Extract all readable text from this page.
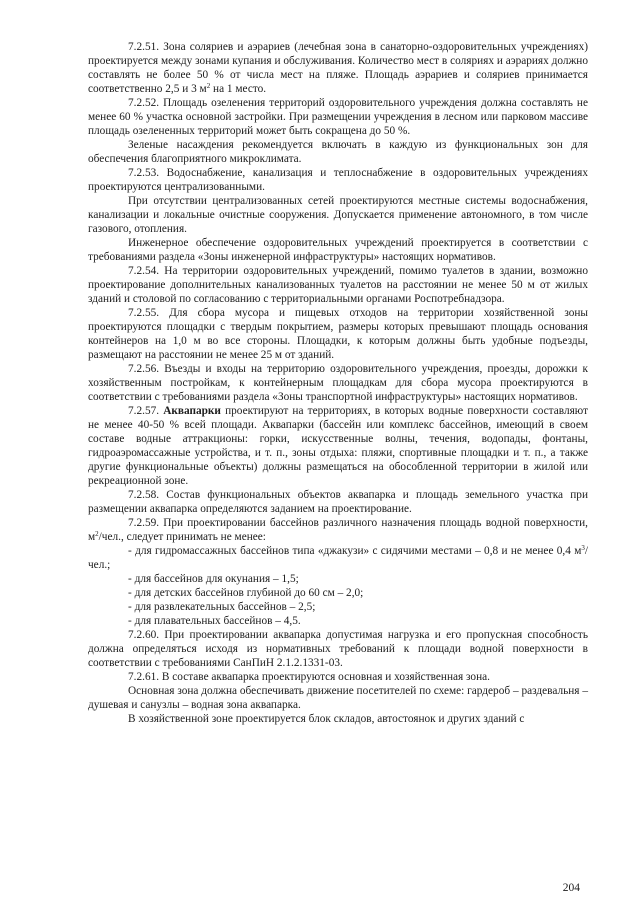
7.2.51. Зона соляриев и аэрариев (лечебная зона в санаторно-оздоровительных учреждениях) проектируется между зонами купания и обслуживания. Количество мест в соляриях и аэрариях должно составлять не более 50 % от числа мест на пляже. Площадь аэрариев и соляриев принимается соответственно 2,5 и 3 $м^2$ на 1 место.

7.2.52. Площадь озеленения территорий оздоровительного учреждения должна составлять не менее 60 % участка основной застройки. При размещении учреждения в лесном или парковом массиве площадь озелененных территорий может быть сокращена до 50 %.

Зеленые насаждения рекомендуется включать в каждую из функциональных зон для обеспечения благоприятного микроклимата.

7.2.53. Водоснабжение, канализация и теплоснабжение в оздоровительных учреждениях проектируются централизованными.

При отсутствии централизованных сетей проектируются местные системы водоснабжения, канализации и локальные очистные сооружения. Допускается применение автономного, в том числе газового, отопления.

Инженерное обеспечение оздоровительных учреждений проектируется в соответствии с требованиями раздела «Зоны инженерной инфраструктуры» настоящих нормативов.

7.2.54. На территории оздоровительных учреждений, помимо туалетов в здании, возможно проектирование дополнительных канализованных туалетов на расстоянии не менее 50 м от жилых зданий и столовой по согласованию с территориальными органами Роспотребнадзора.

7.2.55. Для сбора мусора и пищевых отходов на территории хозяйственной зоны проектируются площадки с твердым покрытием, размеры которых превышают площадь основания контейнеров на 1,0 м во все стороны. Площадки, к которым должны быть удобные подъезды, размещают на расстоянии не менее 25 м от зданий.

7.2.56. Въезды и входы на территорию оздоровительного учреждения, проезды, дорожки к хозяйственным постройкам, к контейнерным площадкам для сбора мусора проектируются в соответствии с требованиями раздела «Зоны транспортной инфраструктуры» настоящих нормативов.

7.2.57. Аквапарки проектируют на территориях, в которых водные поверхности составляют не менее 40-50 % всей площади. Аквапарки (бассейн или комплекс бассейнов, имеющий в своем составе водные аттракционы: горки, искусственные волны, течения, водопады, фонтаны, гидроаэромассажные устройства, и т. п., зоны отдыха: пляжи, спортивные площадки и т. п., а также другие функциональные объекты) должны размещаться на обособленной территории в жилой или рекреационной зоне.

7.2.58. Состав функциональных объектов аквапарка и площадь земельного участка при размещении аквапарка определяются заданием на проектирование.

7.2.59. При проектировании бассейнов различного назначения площадь водной поверхности, $м^2$/чел., следует принимать не менее:

- для гидромассажных бассейнов типа «джакузи» с сидячими местами – 0,8 и не менее 0,4 $м^3$/чел.;

- для бассейнов для окунания – 1,5;

- для детских бассейнов глубиной до 60 см – 2,0;

- для развлекательных бассейнов – 2,5;

- для плавательных бассейнов – 4,5.

7.2.60. При проектировании аквапарка допустимая нагрузка и его пропускная способность должна определяться исходя из нормативных требований к площади водной поверхности в соответствии с требованиями СанПиН 2.1.2.1331-03.

7.2.61. В составе аквапарка проектируются основная и хозяйственная зона.

Основная зона должна обеспечивать движение посетителей по схеме: гардероб – раздевальня – душевая и санузлы – водная зона аквапарка.

В хозяйственной зоне проектируется блок складов, автостоянок и других зданий с

204
